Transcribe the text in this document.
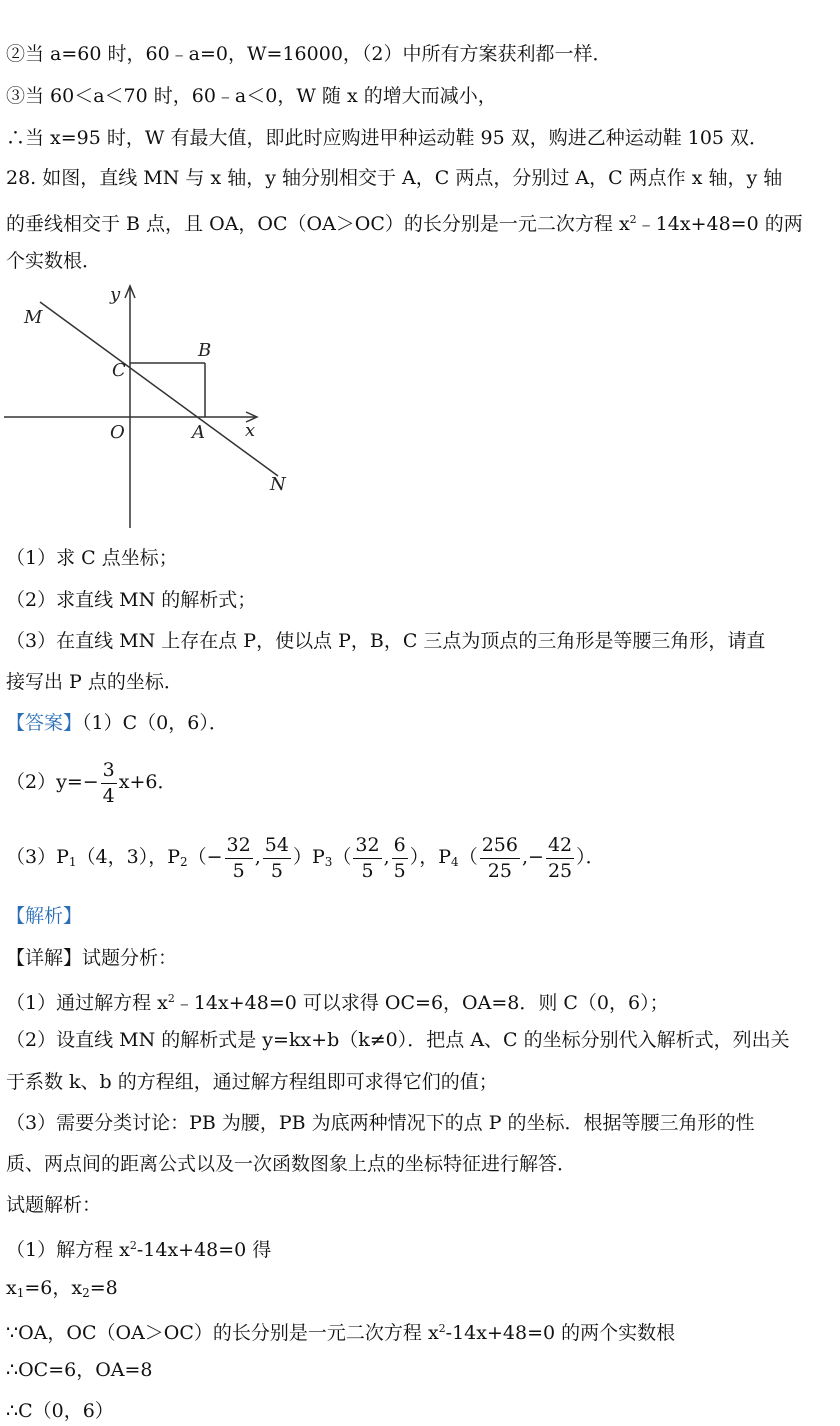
②当 a=60 时，60﹣a=0，W=16000，（2）中所有方案获利都一样．
③当 60＜a＜70 时，60﹣a＜0，W 随 x 的增大而减小，
∴当 x=95 时，W 有最大值，即此时应购进甲种运动鞋 95 双，购进乙种运动鞋 105 双．
28. 如图，直线 MN 与 x 轴，y 轴分别相交于 A，C 两点，分别过 A，C 两点作 x 轴，y 轴
的垂线相交于 B 点，且 OA，OC（OA＞OC）的长分别是一元二次方程 $x^2﹣14x+48=0$ 的两
个实数根．
M
y
B
C
O	A x
N
（1）求 C 点坐标；
（2）求直线 MN 的解析式；
（3）在直线 MN 上存在点 P，使以点 P，B，C 三点为顶点的三角形是等腰三角形，请直
接写出 P 点的坐标．
【答案】（1）C（0，6）．
$(2)y=- \frac{3}{4} x+6$．
$(3)P_1(4$，3），$P_2(- \frac{32}{5}$ , $\frac{54}{5} )P_3( \frac{32}{5}$ , $\frac{6}{5}$ ），$P_4( \frac{256}{25}$ ,− $\frac{42}{25}$ ）．
【解析】
【详解】试题分析：
（1）通过解方程 $x^2﹣14x+48=0$ 可以求得 OC=6，OA=8．则 C（0，6）；
（2）设直线 MN 的解析式是 y=kx+b（k≠0）．把点 A、C 的坐标分别代入解析式，列出关
于系数 k、b 的方程组，通过解方程组即可求得它们的值；
（3）需要分类讨论：PB 为腰，PB 为底两种情况下的点 P 的坐标．根据等腰三角形的性
质、两点间的距离公式以及一次函数图象上点的坐标特征进行解答．
试题解析：
（1）解方程 $x^2-14x+48=0$ 得
$x_1=6$，$x_2=8$
∵OA，OC（OA＞OC）的长分别是一元二次方程 $x^2-14x+48=0$ 的两个实数根
∴OC=6，OA=8
∴C（0，6）
